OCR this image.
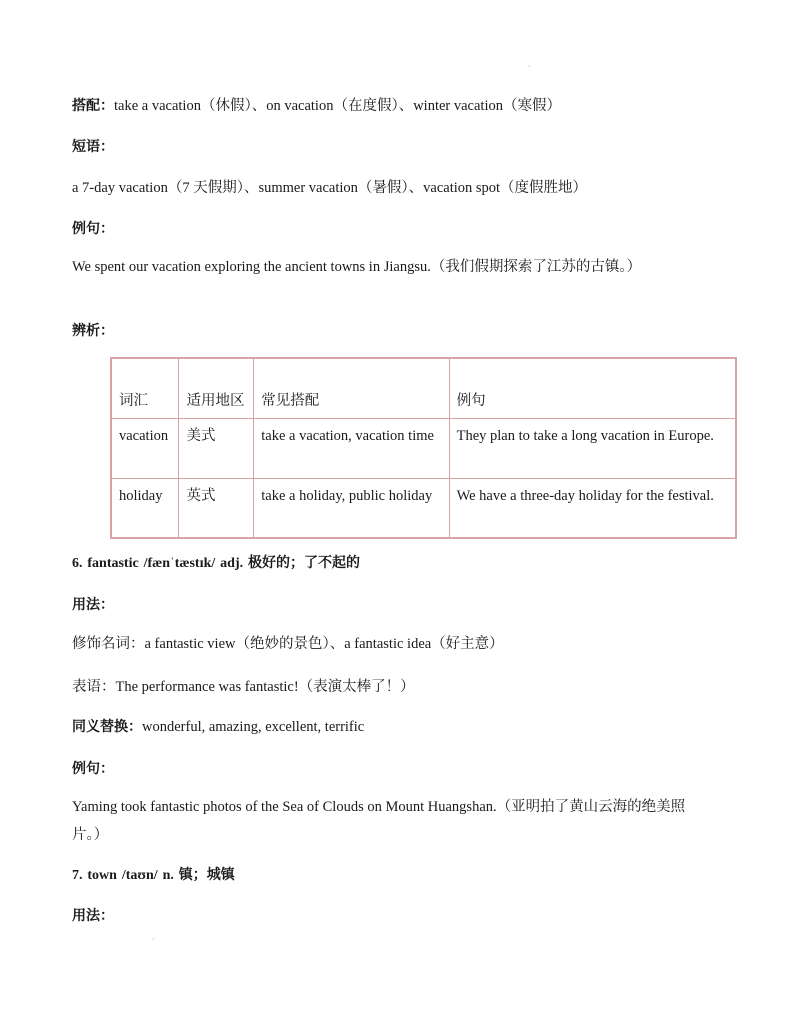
·
搭配：take a vacation（休假）、on vacation（在度假）、winter vacation（寒假）
短语：
a 7-day vacation（7 天假期）、summer vacation（暑假）、vacation spot（度假胜地）
例句：
We spent our vacation exploring the ancient towns in Jiangsu.（我们假期探索了江苏的古镇。）
辨析：
词汇	适用地区	常见搭配	例句
vacation	美式	take a vacation, vacation time	They plan to take a long vacation in Europe.
holiday	英式	take a holiday, public holiday	We have a three-day holiday for the festival.
6. fantastic /fænˈtæstɪk/ adj. 极好的；了不起的
用法：
修饰名词：a fantastic view（绝妙的景色）、a fantastic idea（好主意）
表语：The performance was fantastic!（表演太棒了！）
同义替换：wonderful, amazing, excellent, terrific
例句：
Yaming took fantastic photos of the Sea of Clouds on Mount Huangshan.（亚明拍了黄山云海的绝美照片。）
7. town /taʊn/ n. 镇；城镇
用法：
·
